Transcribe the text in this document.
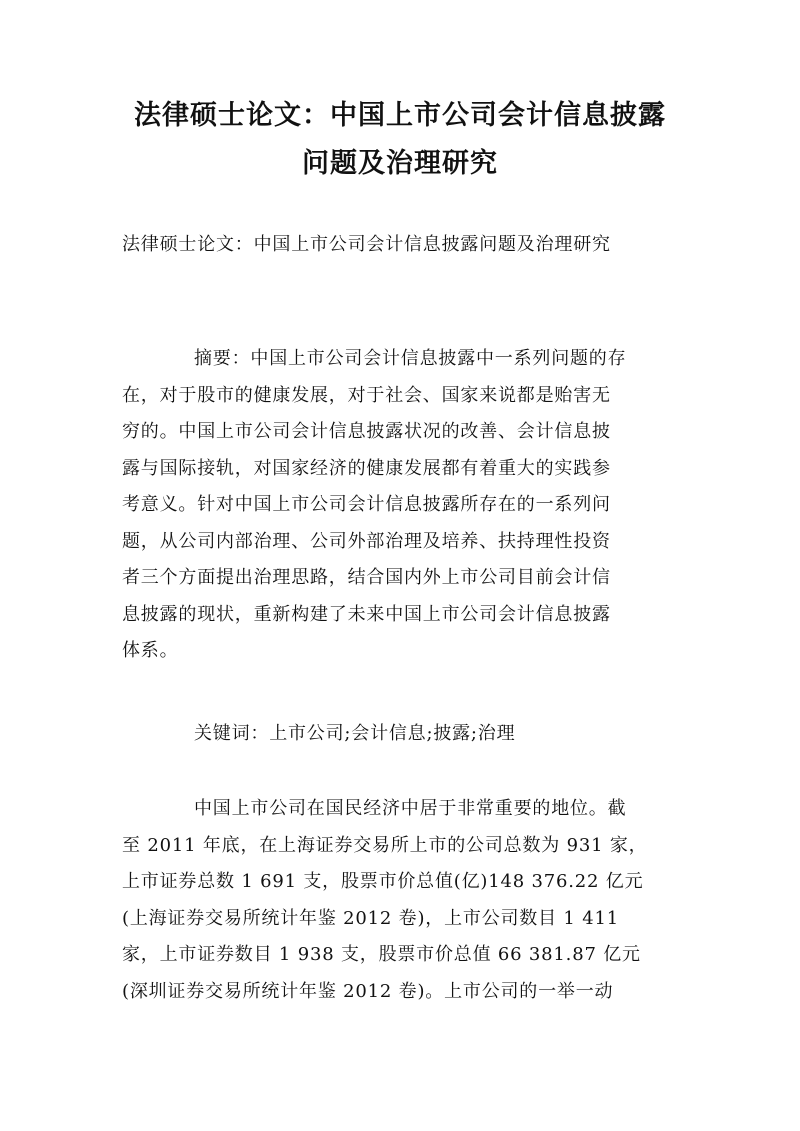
法律硕士论文：中国上市公司会计信息披露
问题及治理研究

法律硕士论文：中国上市公司会计信息披露问题及治理研究

摘要：中国上市公司会计信息披露中一系列问题的存
在，对于股市的健康发展，对于社会、国家来说都是贻害无
穷的。中国上市公司会计信息披露状况的改善、会计信息披
露与国际接轨，对国家经济的健康发展都有着重大的实践参
考意义。针对中国上市公司会计信息披露所存在的一系列问
题，从公司内部治理、公司外部治理及培养、扶持理性投资
者三个方面提出治理思路，结合国内外上市公司目前会计信
息披露的现状，重新构建了未来中国上市公司会计信息披露
体系。
关键词：上市公司;会计信息;披露;治理
中国上市公司在国民经济中居于非常重要的地位。截
至 2011 年底，在上海证券交易所上市的公司总数为 931 家，
上市证券总数 1 691 支，股票市价总值(亿)148 376.22 亿元
(上海证券交易所统计年鉴 2012 卷)，上市公司数目 1 411
家，上市证券数目 1 938 支，股票市价总值 66 381.87 亿元
(深圳证券交易所统计年鉴 2012 卷)。上市公司的一举一动
